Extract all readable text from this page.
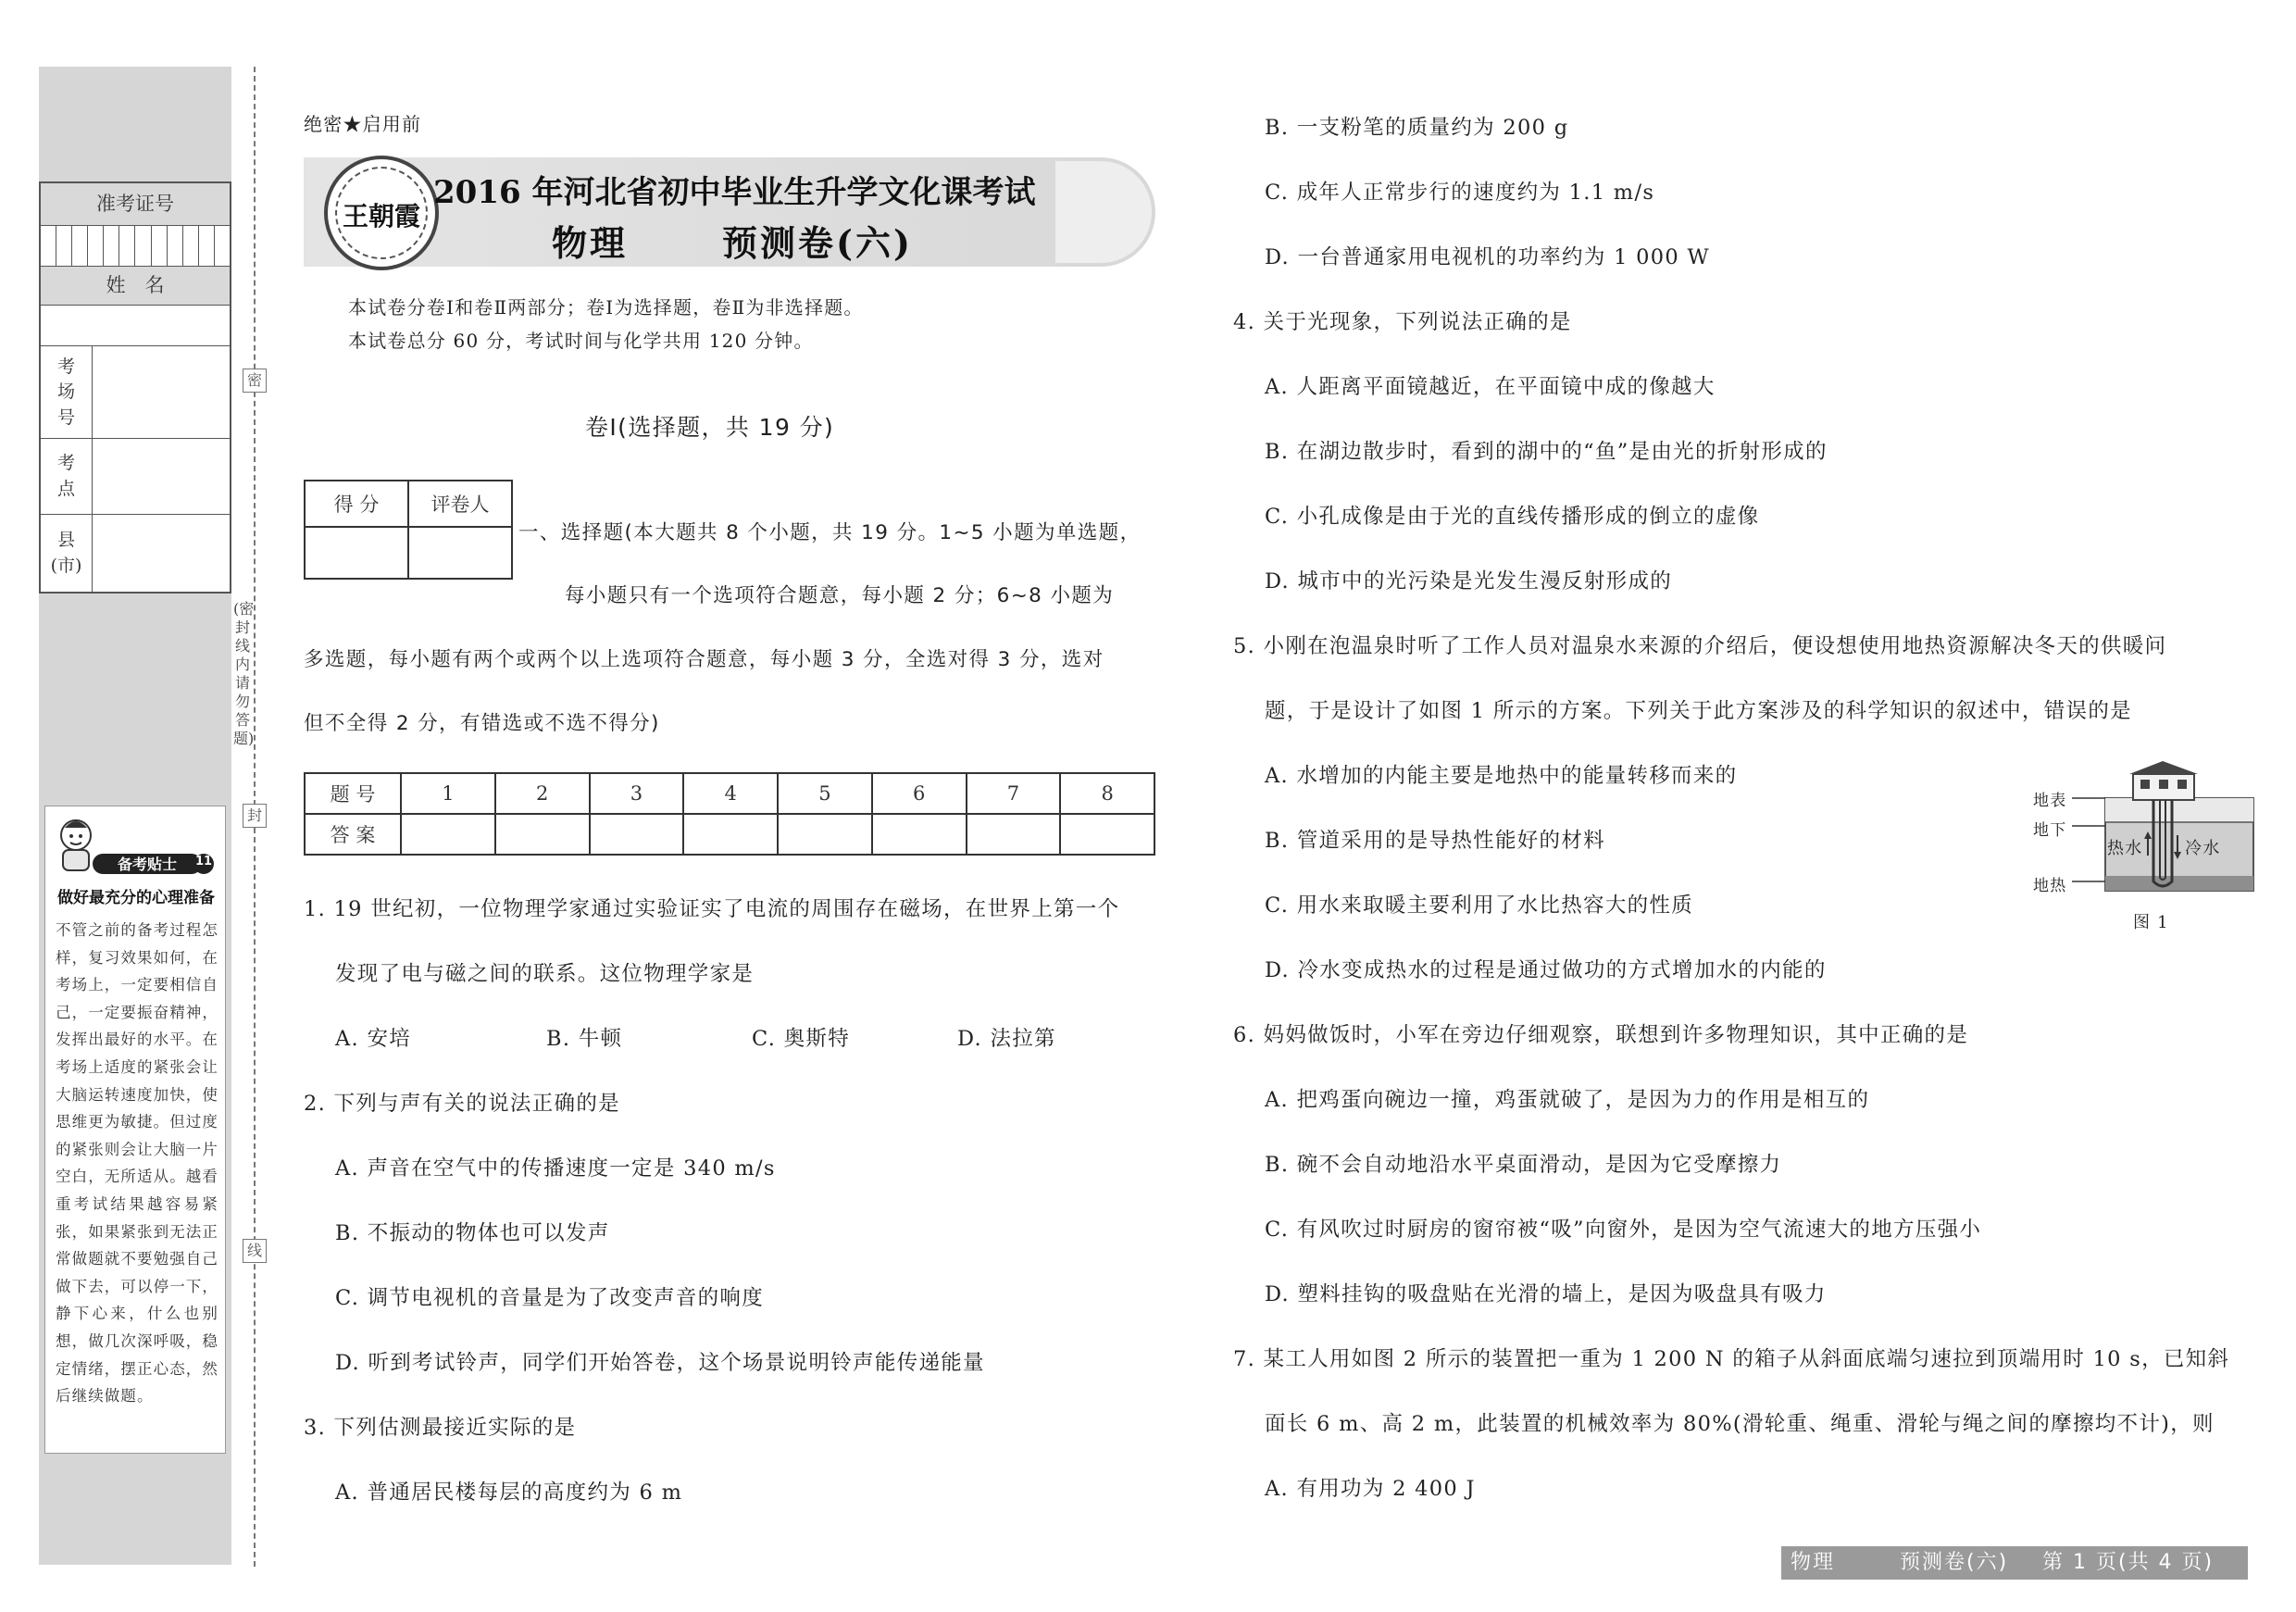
准考证号
姓　名
考
场
号
考
点
县
(市)
备考贴士	11
做好最充分的心理准备
不管之前的备考过程怎样，复习效果如何，在考场上，一定要相信自己，一定要振奋精神，发挥出最好的水平。在考场上适度的紧张会让大脑运转速度加快，使思维更为敏捷。但过度的紧张则会让大脑一片空白，无所适从。越看重考试结果越容易紧张，如果紧张到无法正常做题就不要勉强自己做下去，可以停一下，静下心来，什么也别想，做几次深呼吸，稳定情绪，摆正心态，然后继续做题。
密
(密封线内请勿答题)
封
线
绝密★启用前
王朝霞
2016 年河北省初中毕业生升学文化课考试
物理	预测卷(六)
本试卷分卷Ⅰ和卷Ⅱ两部分；卷Ⅰ为选择题，卷Ⅱ为非选择题。
本试卷总分 60 分，考试时间与化学共用 120 分钟。
卷Ⅰ(选择题，共 19 分)
得 分	评卷人

一、选择题(本大题共 8 个小题，共 19 分。1~5 小题为单选题，
每小题只有一个选项符合题意，每小题 2 分；6~8 小题为
多选题，每小题有两个或两个以上选项符合题意，每小题 3 分，全选对得 3 分，选对
但不全得 2 分，有错选或不选不得分)
题 号	1	2	3	4	5	6	7	8
答 案								
1. 19 世纪初，一位物理学家通过实验证实了电流的周围存在磁场，在世界上第一个
发现了电与磁之间的联系。这位物理学家是
A. 安培	B. 牛顿	C. 奥斯特	D. 法拉第
2. 下列与声有关的说法正确的是
A. 声音在空气中的传播速度一定是 340 m/s
B. 不振动的物体也可以发声
C. 调节电视机的音量是为了改变声音的响度
D. 听到考试铃声，同学们开始答卷，这个场景说明铃声能传递能量
3. 下列估测最接近实际的是
A. 普通居民楼每层的高度约为 6 m
B. 一支粉笔的质量约为 200 g
C. 成年人正常步行的速度约为 1.1 m/s
D. 一台普通家用电视机的功率约为 1 000 W
4. 关于光现象，下列说法正确的是
A. 人距离平面镜越近，在平面镜中成的像越大
B. 在湖边散步时，看到的湖中的“鱼”是由光的折射形成的
C. 小孔成像是由于光的直线传播形成的倒立的虚像
D. 城市中的光污染是光发生漫反射形成的
5. 小刚在泡温泉时听了工作人员对温泉水来源的介绍后，便设想使用地热资源解决冬天的供暖问
题，于是设计了如图 1 所示的方案。下列关于此方案涉及的科学知识的叙述中，错误的是
A. 水增加的内能主要是地热中的能量转移而来的
B. 管道采用的是导热性能好的材料
C. 用水来取暖主要利用了水比热容大的性质
D. 冷水变成热水的过程是通过做功的方式增加水的内能的
地表
地下
地热
热水	冷水
图 1
6. 妈妈做饭时，小军在旁边仔细观察，联想到许多物理知识，其中正确的是
A. 把鸡蛋向碗边一撞，鸡蛋就破了，是因为力的作用是相互的
B. 碗不会自动地沿水平桌面滑动，是因为它受摩擦力
C. 有风吹过时厨房的窗帘被“吸”向窗外，是因为空气流速大的地方压强小
D. 塑料挂钩的吸盘贴在光滑的墙上，是因为吸盘具有吸力
7. 某工人用如图 2 所示的装置把一重为 1 200 N 的箱子从斜面底端匀速拉到顶端用时 10 s，已知斜
面长 6 m、高 2 m，此装置的机械效率为 80%(滑轮重、绳重、滑轮与绳之间的摩擦均不计)，则
A. 有用功为 2 400 J
物理	预测卷(六) 第 1 页(共 4 页)
